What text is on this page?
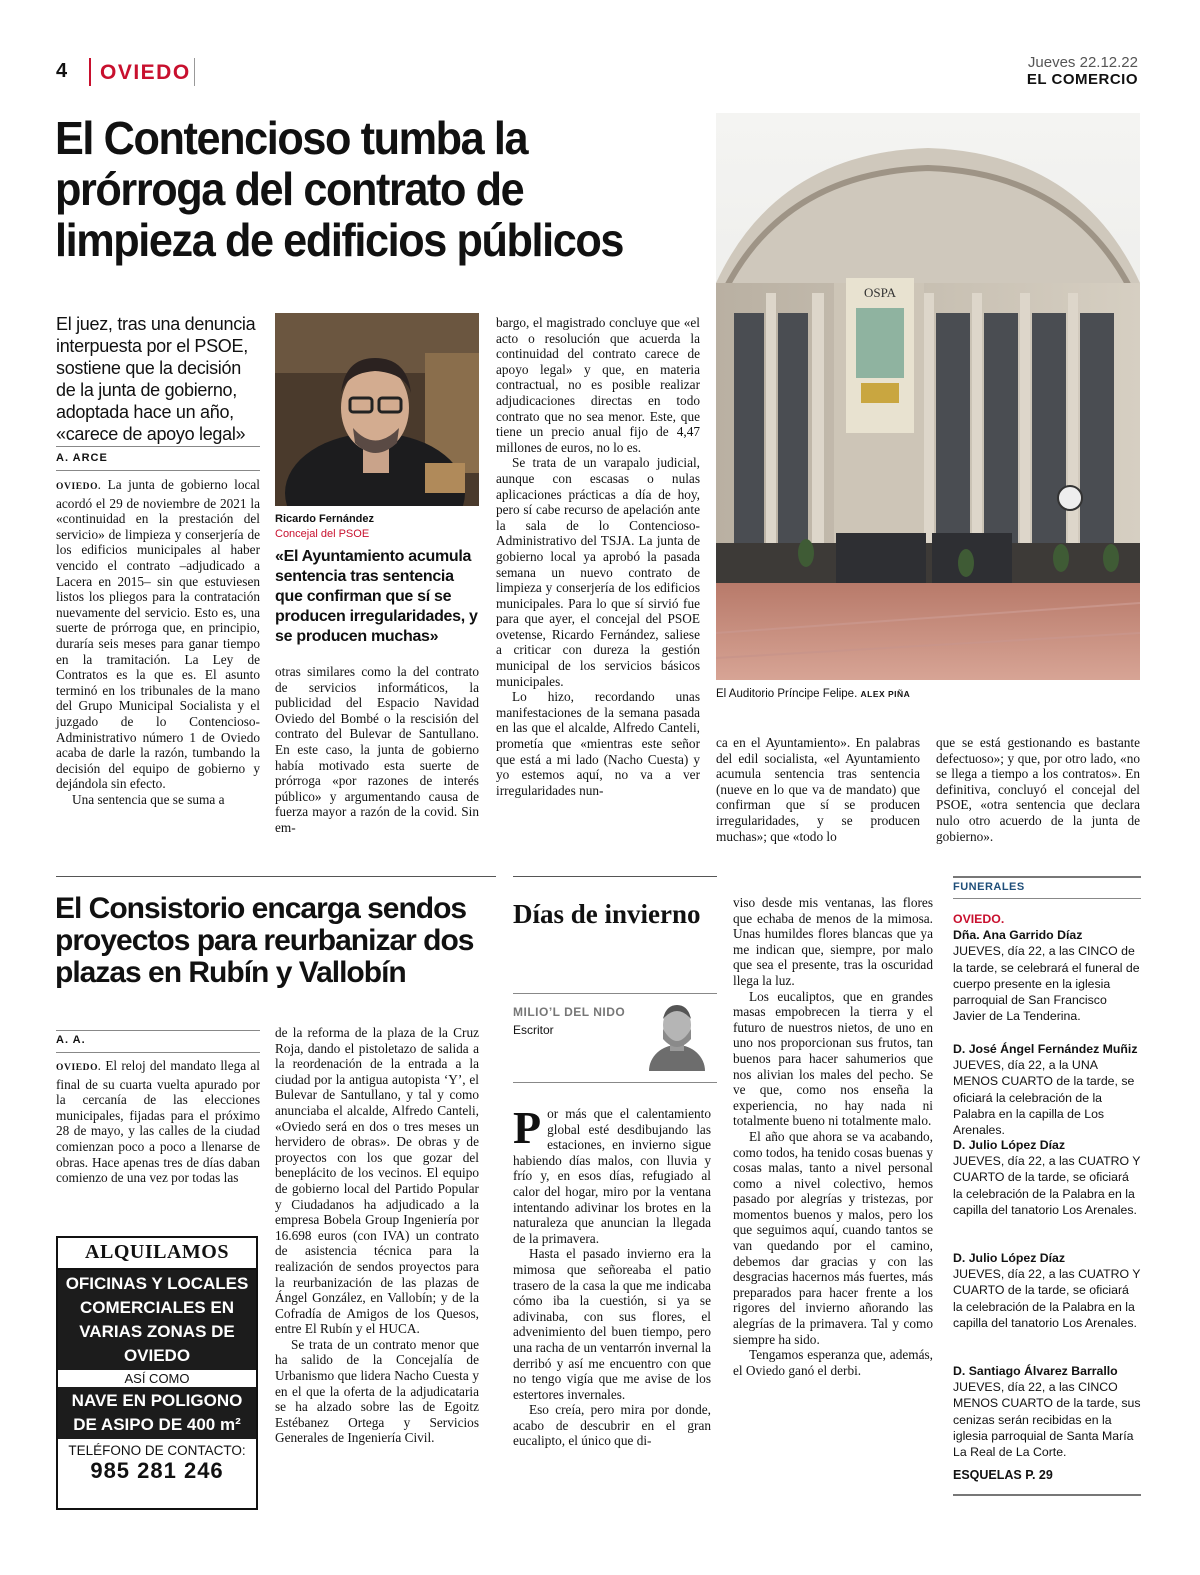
4 OVIEDO	Jueves 22.12.22
EL COMERCIO
El Contencioso tumba la prórroga del contrato de limpieza de edificios públicos
El juez, tras una denuncia interpuesta por el PSOE, sostiene que la decisión de la junta de gobierno, adoptada hace un año, «carece de apoyo legal»
A. ARCE

OVIEDO. La junta de gobierno local acordó el 29 de noviembre de 2021 la «continuidad en la prestación del servicio» de limpieza y conserjería de los edificios municipales al haber vencido el contrato –adjudicado a Lacera en 2015– sin que estuviesen listos los pliegos para la contratación nuevamente del servicio. Esto es, una suerte de prórroga que, en principio, duraría seis meses para ganar tiempo en la tramitación. La Ley de Contratos es la que es. El asunto terminó en los tribunales de la mano del Grupo Municipal Socialista y el juzgado de lo Contencioso-Administrativo número 1 de Oviedo acaba de darle la razón, tumbando la decisión del equipo de gobierno y dejándola sin efecto.

Una sentencia que se suma a

Ricardo Fernández
Concejal del PSOE
«El Ayuntamiento acumula sentencia tras sentencia que confirman que sí se producen irregularidades, y se producen muchas»

otras similares como la del contrato de servicios informáticos, la publicidad del Espacio Navidad Oviedo del Bombé o la rescisión del contrato del Bulevar de Santullano. En este caso, la junta de gobierno había motivado esta suerte de prórroga «por razones de interés público» y argumentando causa de fuerza mayor a razón de la covid. Sin em-

bargo, el magistrado concluye que «el acto o resolución que acuerda la continuidad del contrato carece de apoyo legal» y que, en materia contractual, no es posible realizar adjudicaciones directas en todo contrato que no sea menor. Este, que tiene un precio anual fijo de 4,47 millones de euros, no lo es.

Se trata de un varapalo judicial, aunque con escasas o nulas aplicaciones prácticas a día de hoy, pero sí cabe recurso de apelación ante la sala de lo Contencioso-Administrativo del TSJA. La junta de gobierno local ya aprobó la pasada semana un nuevo contrato de limpieza y conserjería de los edificios municipales. Para lo que sí sirvió fue para que ayer, el concejal del PSOE ovetense, Ricardo Fernández, saliese a criticar con dureza la gestión municipal de los servicios básicos municipales.

Lo hizo, recordando unas manifestaciones de la semana pasada en las que el alcalde, Alfredo Canteli, prometía que «mientras este señor que está a mi lado (Nacho Cuesta) y yo estemos aquí, no va a ver irregularidades nun-

OSPA
El Auditorio Príncipe Felipe. ALEX PIÑA

ca en el Ayuntamiento». En palabras del edil socialista, «el Ayuntamiento acumula sentencia tras sentencia (nueve en lo que va de mandato) que confirman que sí se producen irregularidades, y se producen muchas»; que «todo lo

que se está gestionando es bastante defectuoso»; y que, por otro lado, «no se llega a tiempo a los contratos». En definitiva, concluyó el concejal del PSOE, «otra sentencia que declara nulo otro acuerdo de la junta de gobierno».

El Consistorio encarga sendos proyectos para reurbanizar dos plazas en Rubín y Vallobín
A. A.

OVIEDO. El reloj del mandato llega al final de su cuarta vuelta apurado por la cercanía de las elecciones municipales, fijadas para el próximo 28 de mayo, y las calles de la ciudad comienzan poco a poco a llenarse de obras. Hace apenas tres de días daban comienzo de una vez por todas las

de la reforma de la plaza de la Cruz Roja, dando el pistoletazo de salida a la reordenación de la entrada a la ciudad por la antigua autopista ‘Y’, el Bulevar de Santullano, y tal y como anunciaba el alcalde, Alfredo Canteli, «Oviedo será en dos o tres meses un hervidero de obras». De obras y de proyectos con los que gozar del beneplácito de los vecinos. El equipo de gobierno local del Partido Popular y Ciudadanos ha adjudicado a la empresa Bobela Group Ingeniería por 16.698 euros (con IVA) un contrato de asistencia técnica para la realización de sendos proyectos para la reurbanización de las plazas de Ángel González, en Vallobín; y de la Cofradía de Amigos de los Quesos, entre El Rubín y el HUCA.

Se trata de un contrato menor que ha salido de la Concejalía de Urbanismo que lidera Nacho Cuesta y en el que la oferta de la adjudicataria se ha alzado sobre las de Egoitz Estébanez Ortega y Servicios Generales de Ingeniería Civil.

ALQUILAMOS
OFICINAS Y LOCALES COMERCIALES EN VARIAS ZONAS DE OVIEDO
ASÍ COMO
NAVE EN POLIGONO DE ASIPO DE 400 m²
TELÉFONO DE CONTACTO:
985 281 246
Días de invierno
MILIO’L DEL NIDO
Escritor

Por más que el calentamiento global esté desdibujando las estaciones, en invierno sigue habiendo días malos, con lluvia y frío y, en esos días, refugiado al calor del hogar, miro por la ventana intentando adivinar los brotes en la naturaleza que anuncian la llegada de la primavera.

Hasta el pasado invierno era la mimosa que señoreaba el patio trasero de la casa la que me indicaba cómo iba la cuestión, si ya se adivinaba, con sus flores, el advenimiento del buen tiempo, pero una racha de un ventarrón invernal la derribó y así me encuentro con que no tengo vigía que me avise de los estertores invernales.

Eso creía, pero mira por donde, acabo de descubrir en el gran eucalipto, el único que di-

viso desde mis ventanas, las flores que echaba de menos de la mimosa. Unas humildes flores blancas que ya me indican que, siempre, por malo que sea el presente, tras la oscuridad llega la luz.

Los eucaliptos, que en grandes masas empobrecen la tierra y el futuro de nuestros nietos, de uno en uno nos proporcionan sus frutos, tan buenos para hacer sahumerios que nos alivian los males del pecho. Se ve que, como nos enseña la experiencia, no hay nada ni totalmente bueno ni totalmente malo.

El año que ahora se va acabando, como todos, ha tenido cosas buenas y cosas malas, tanto a nivel personal como a nivel colectivo, hemos pasado por alegrías y tristezas, por momentos buenos y malos, pero los que seguimos aquí, cuando tantos se van quedando por el camino, debemos dar gracias y con las desgracias hacernos más fuertes, más preparados para hacer frente a los rigores del invierno añorando las alegrías de la primavera. Tal y como siempre ha sido.

Tengamos esperanza que, además, el Oviedo ganó el derbi.

FUNERALES
OVIEDO.
Dña. Ana Garrido Díaz
JUEVES, día 22, a las CINCO de la tarde, se celebrará el funeral de cuerpo presente en la iglesia parroquial de San Francisco Javier de La Tenderina.
D. José Ángel Fernández Muñiz
JUEVES, día 22, a la UNA MENOS CUARTO de la tarde, se oficiará la celebración de la Palabra en la capilla de Los Arenales.
D. Julio López Díaz
JUEVES, día 22, a las CUATRO Y CUARTO de la tarde, se oficiará la celebración de la Palabra en la capilla del tanatorio Los Arenales.
D. Julio López Díaz
JUEVES, día 22, a las CUATRO Y CUARTO de la tarde, se oficiará la celebración de la Palabra en la capilla del tanatorio Los Arenales.
D. Santiago Álvarez Barrallo
JUEVES, día 22, a las CINCO MENOS CUARTO de la tarde, sus cenizas serán recibidas en la iglesia parroquial de Santa María La Real de La Corte.
ESQUELAS P. 29
